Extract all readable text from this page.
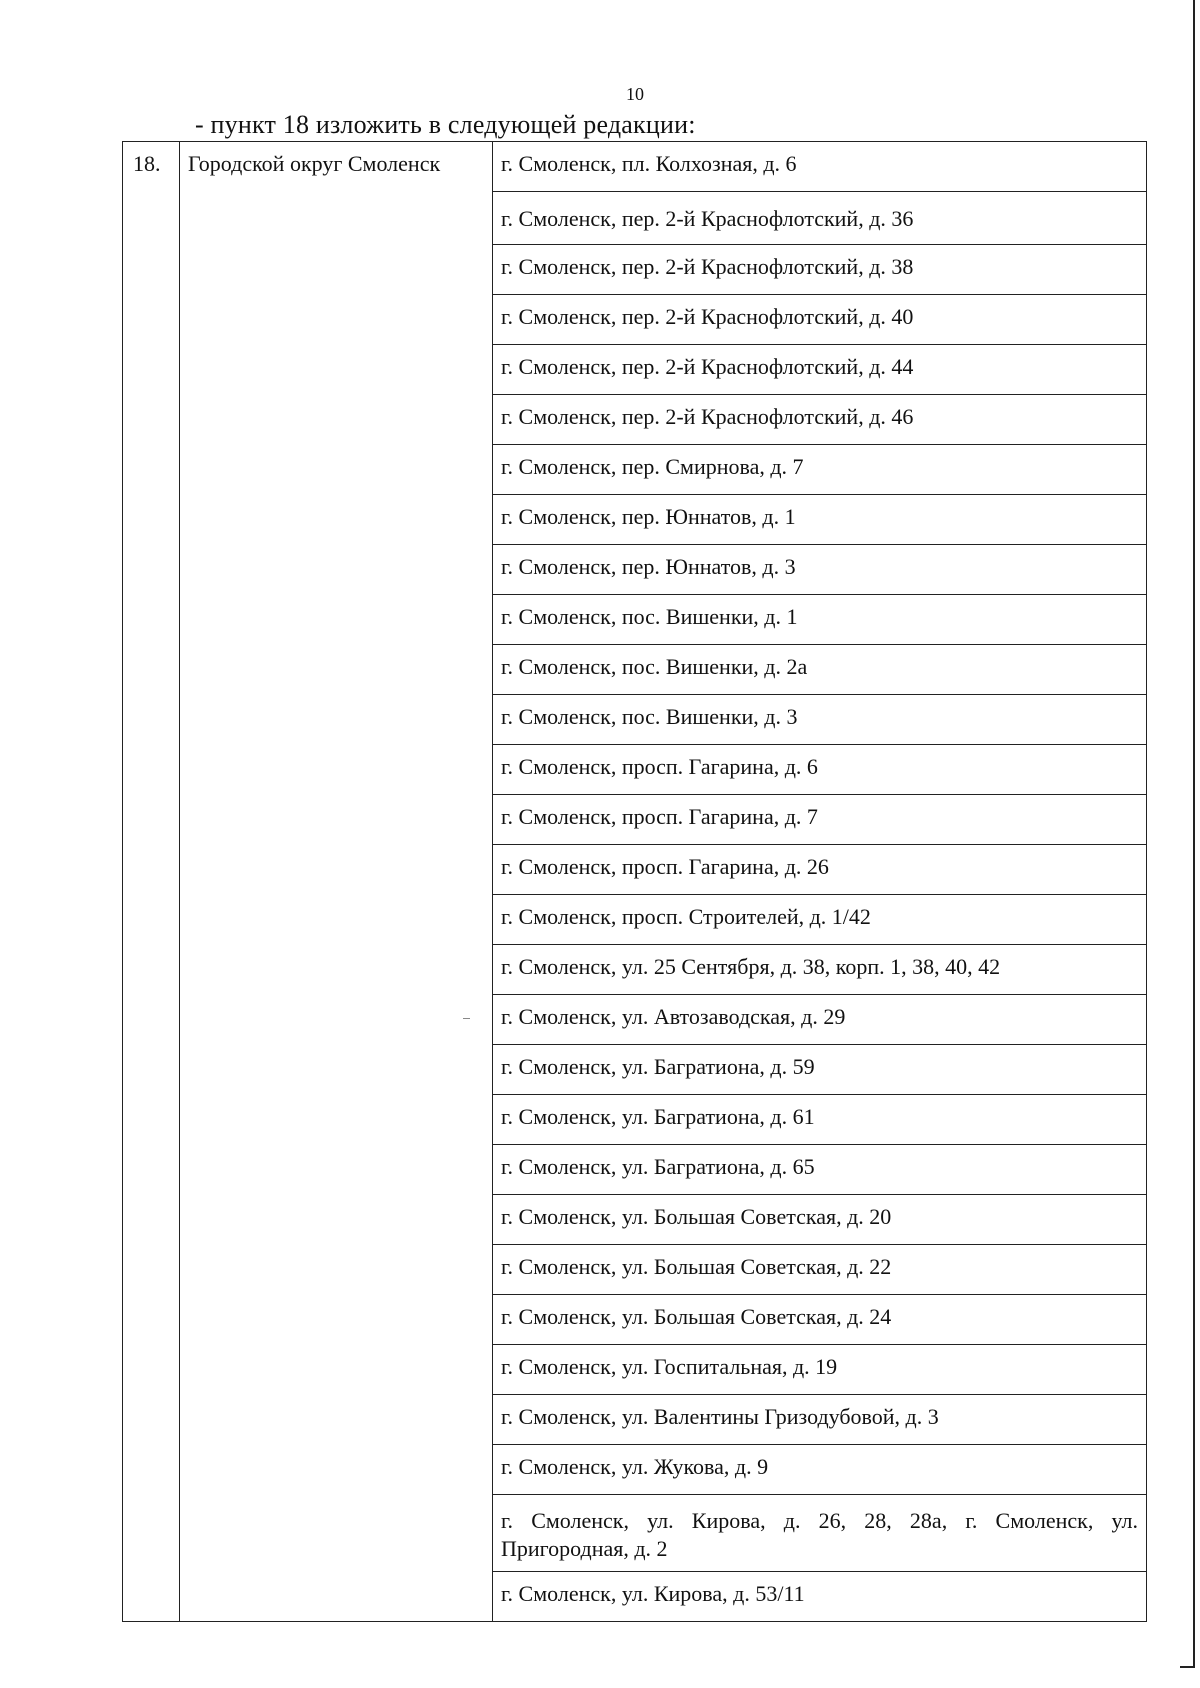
10
- пункт 18 изложить в следующей редакции:
18.	Городской округ Смоленск	г. Смоленск, пл. Колхозная, д. 6
г. Смоленск, пер. 2-й Краснофлотский, д. 36
г. Смоленск, пер. 2-й Краснофлотский, д. 38
г. Смоленск, пер. 2-й Краснофлотский, д. 40
г. Смоленск, пер. 2-й Краснофлотский, д. 44
г. Смоленск, пер. 2-й Краснофлотский, д. 46
г. Смоленск, пер. Смирнова, д. 7
г. Смоленск, пер. Юннатов, д. 1
г. Смоленск, пер. Юннатов, д. 3
г. Смоленск, пос. Вишенки, д. 1
г. Смоленск, пос. Вишенки, д. 2а
г. Смоленск, пос. Вишенки, д. 3
г. Смоленск, просп. Гагарина, д. 6
г. Смоленск, просп. Гагарина, д. 7
г. Смоленск, просп. Гагарина, д. 26
г. Смоленск, просп. Строителей, д. 1/42
г. Смоленск, ул. 25 Сентября, д. 38, корп. 1, 38, 40, 42
г. Смоленск, ул. Автозаводская, д. 29
г. Смоленск, ул. Багратиона, д. 59
г. Смоленск, ул. Багратиона, д. 61
г. Смоленск, ул. Багратиона, д. 65
г. Смоленск, ул. Большая Советская, д. 20
г. Смоленск, ул. Большая Советская, д. 22
г. Смоленск, ул. Большая Советская, д. 24
г. Смоленск, ул. Госпитальная, д. 19
г. Смоленск, ул. Валентины Гризодубовой, д. 3
г. Смоленск, ул. Жукова, д. 9
г. Смоленск, ул. Кирова, д. 26, 28, 28а, г. Смоленск, ул. Пригородная, д. 2
г. Смоленск, ул. Кирова, д. 53/11
